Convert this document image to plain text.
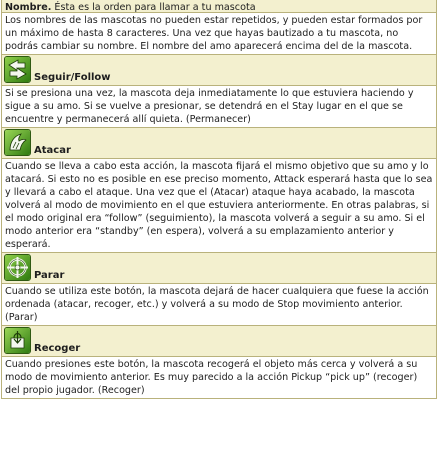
Nombre. Ésta es la orden para llamar a tu mascota

Los nombres de las mascotas no pueden estar repetidos, y pueden estar formados por un máximo de hasta 8 caracteres. Una vez que hayas bautizado a tu mascota, no podrás cambiar su nombre. El nombre del amo aparecerá encima del de la mascota.

Seguir/Follow

Si se presiona una vez, la mascota deja inmediatamente lo que estuviera haciendo y sigue a su amo. Si se vuelve a presionar, se detendrá en el Stay lugar en el que se encuentre y permanecerá allí quieta. (Permanecer)

Atacar

Cuando se lleva a cabo esta acción, la mascota fijará el mismo objetivo que su amo y lo atacará. Si esto no es posible en ese preciso momento, Attack esperará hasta que lo sea y llevará a cabo el ataque. Una vez que el (Atacar) ataque haya acabado, la mascota volverá al modo de movimiento en el que estuviera anteriormente. En otras palabras, si el modo original era “follow” (seguimiento), la mascota volverá a seguir a su amo. Si el modo anterior era “standby” (en espera), volverá a su emplazamiento anterior y esperará.

Parar

Cuando se utiliza este botón, la mascota dejará de hacer cualquiera que fuese la acción ordenada (atacar, recoger, etc.) y volverá a su modo de Stop movimiento anterior. (Parar)

Recoger

Cuando presiones este botón, la mascota recogerá el objeto más cerca y volverá a su modo de movimiento anterior. Es muy parecido a la acción Pickup “pick up” (recoger) del propio jugador. (Recoger)
